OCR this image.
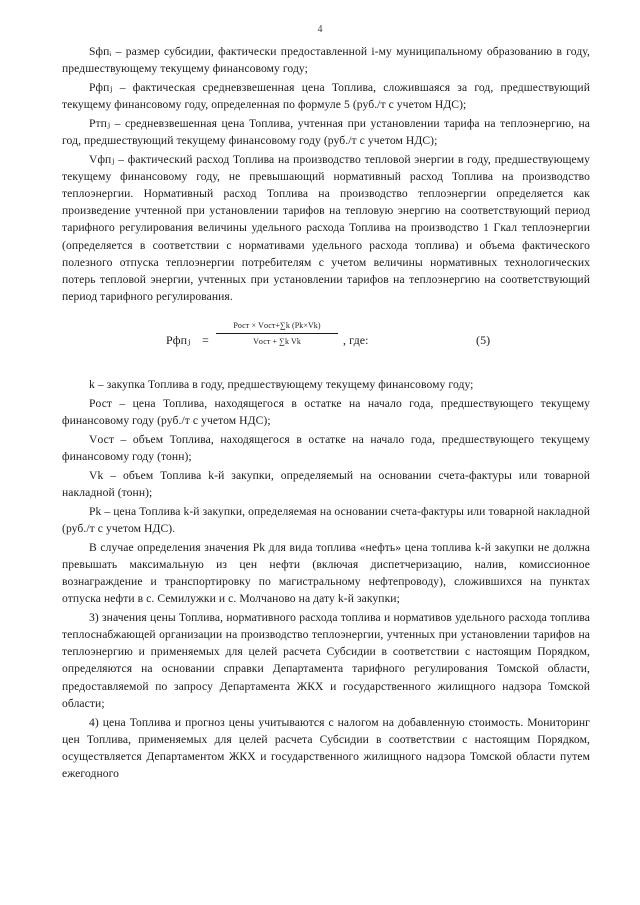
4

Sфпᵢ – размер субсидии, фактически предоставленной i-му муниципальному образованию в году, предшествующему текущему финансовому году;

Рфпⱼ – фактическая средневзвешенная цена Топлива, сложившаяся за год, предшествующий текущему финансовому году, определенная по формуле 5 (руб./т с учетом НДС);

Ртпⱼ – средневзвешенная цена Топлива, учтенная при установлении тарифа на теплоэнергию, на год, предшествующий текущему финансовому году (руб./т с учетом НДС);

Vфпⱼ – фактический расход Топлива на производство тепловой энергии в году, предшествующему текущему финансовому году, не превышающий нормативный расход Топлива на производство теплоэнергии. Нормативный расход Топлива на производство теплоэнергии определяется как произведение учтенной при установлении тарифов на тепловую энергию на соответствующий период тарифного регулирования величины удельного расхода Топлива на производство 1 Гкал теплоэнергии (определяется в соответствии с нормативами удельного расхода топлива) и объема фактического полезного отпуска теплоэнергии потребителям с учетом величины нормативных технологических потерь тепловой энергии, учтенных при установлении тарифов на теплоэнергию на соответствующий период тарифного регулирования.

Рфпⱼ =
Pост × Vост+∑k (Pk×Vk)
Vост + ∑k Vk	, где:	(5)

k – закупка Топлива в году, предшествующему текущему финансовому году;

Pост – цена Топлива, находящегося в остатке на начало года, предшествующего текущему финансовому году (руб./т с учетом НДС);

Vост – объем Топлива, находящегося в остатке на начало года, предшествующего текущему финансовому году (тонн);

Vk – объем Топлива k-й закупки, определяемый на основании счета-фактуры или товарной накладной (тонн);

Pk – цена Топлива k-й закупки, определяемая на основании счета-фактуры или товарной накладной (руб./т с учетом НДС).

В случае определения значения Pk для вида топлива «нефть» цена топлива k-й закупки не должна превышать максимальную из цен нефти (включая диспетчеризацию, налив, комиссионное вознаграждение и транспортировку по магистральному нефтепроводу), сложившихся на пунктах отпуска нефти в с. Семилужки и с. Молчаново на дату k-й закупки;

3) значения цены Топлива, нормативного расхода топлива и нормативов удельного расхода топлива теплоснабжающей организации на производство теплоэнергии, учтенных при установлении тарифов на теплоэнергию и применяемых для целей расчета Субсидии в соответствии с настоящим Порядком, определяются на основании справки Департамента тарифного регулирования Томской области, предоставляемой по запросу Департамента ЖКХ и государственного жилищного надзора Томской области;

4) цена Топлива и прогноз цены учитываются с налогом на добавленную стоимость. Мониторинг цен Топлива, применяемых для целей расчета Субсидии в соответствии с настоящим Порядком, осуществляется Департаментом ЖКХ и государственного жилищного надзора Томской области путем ежегодного
